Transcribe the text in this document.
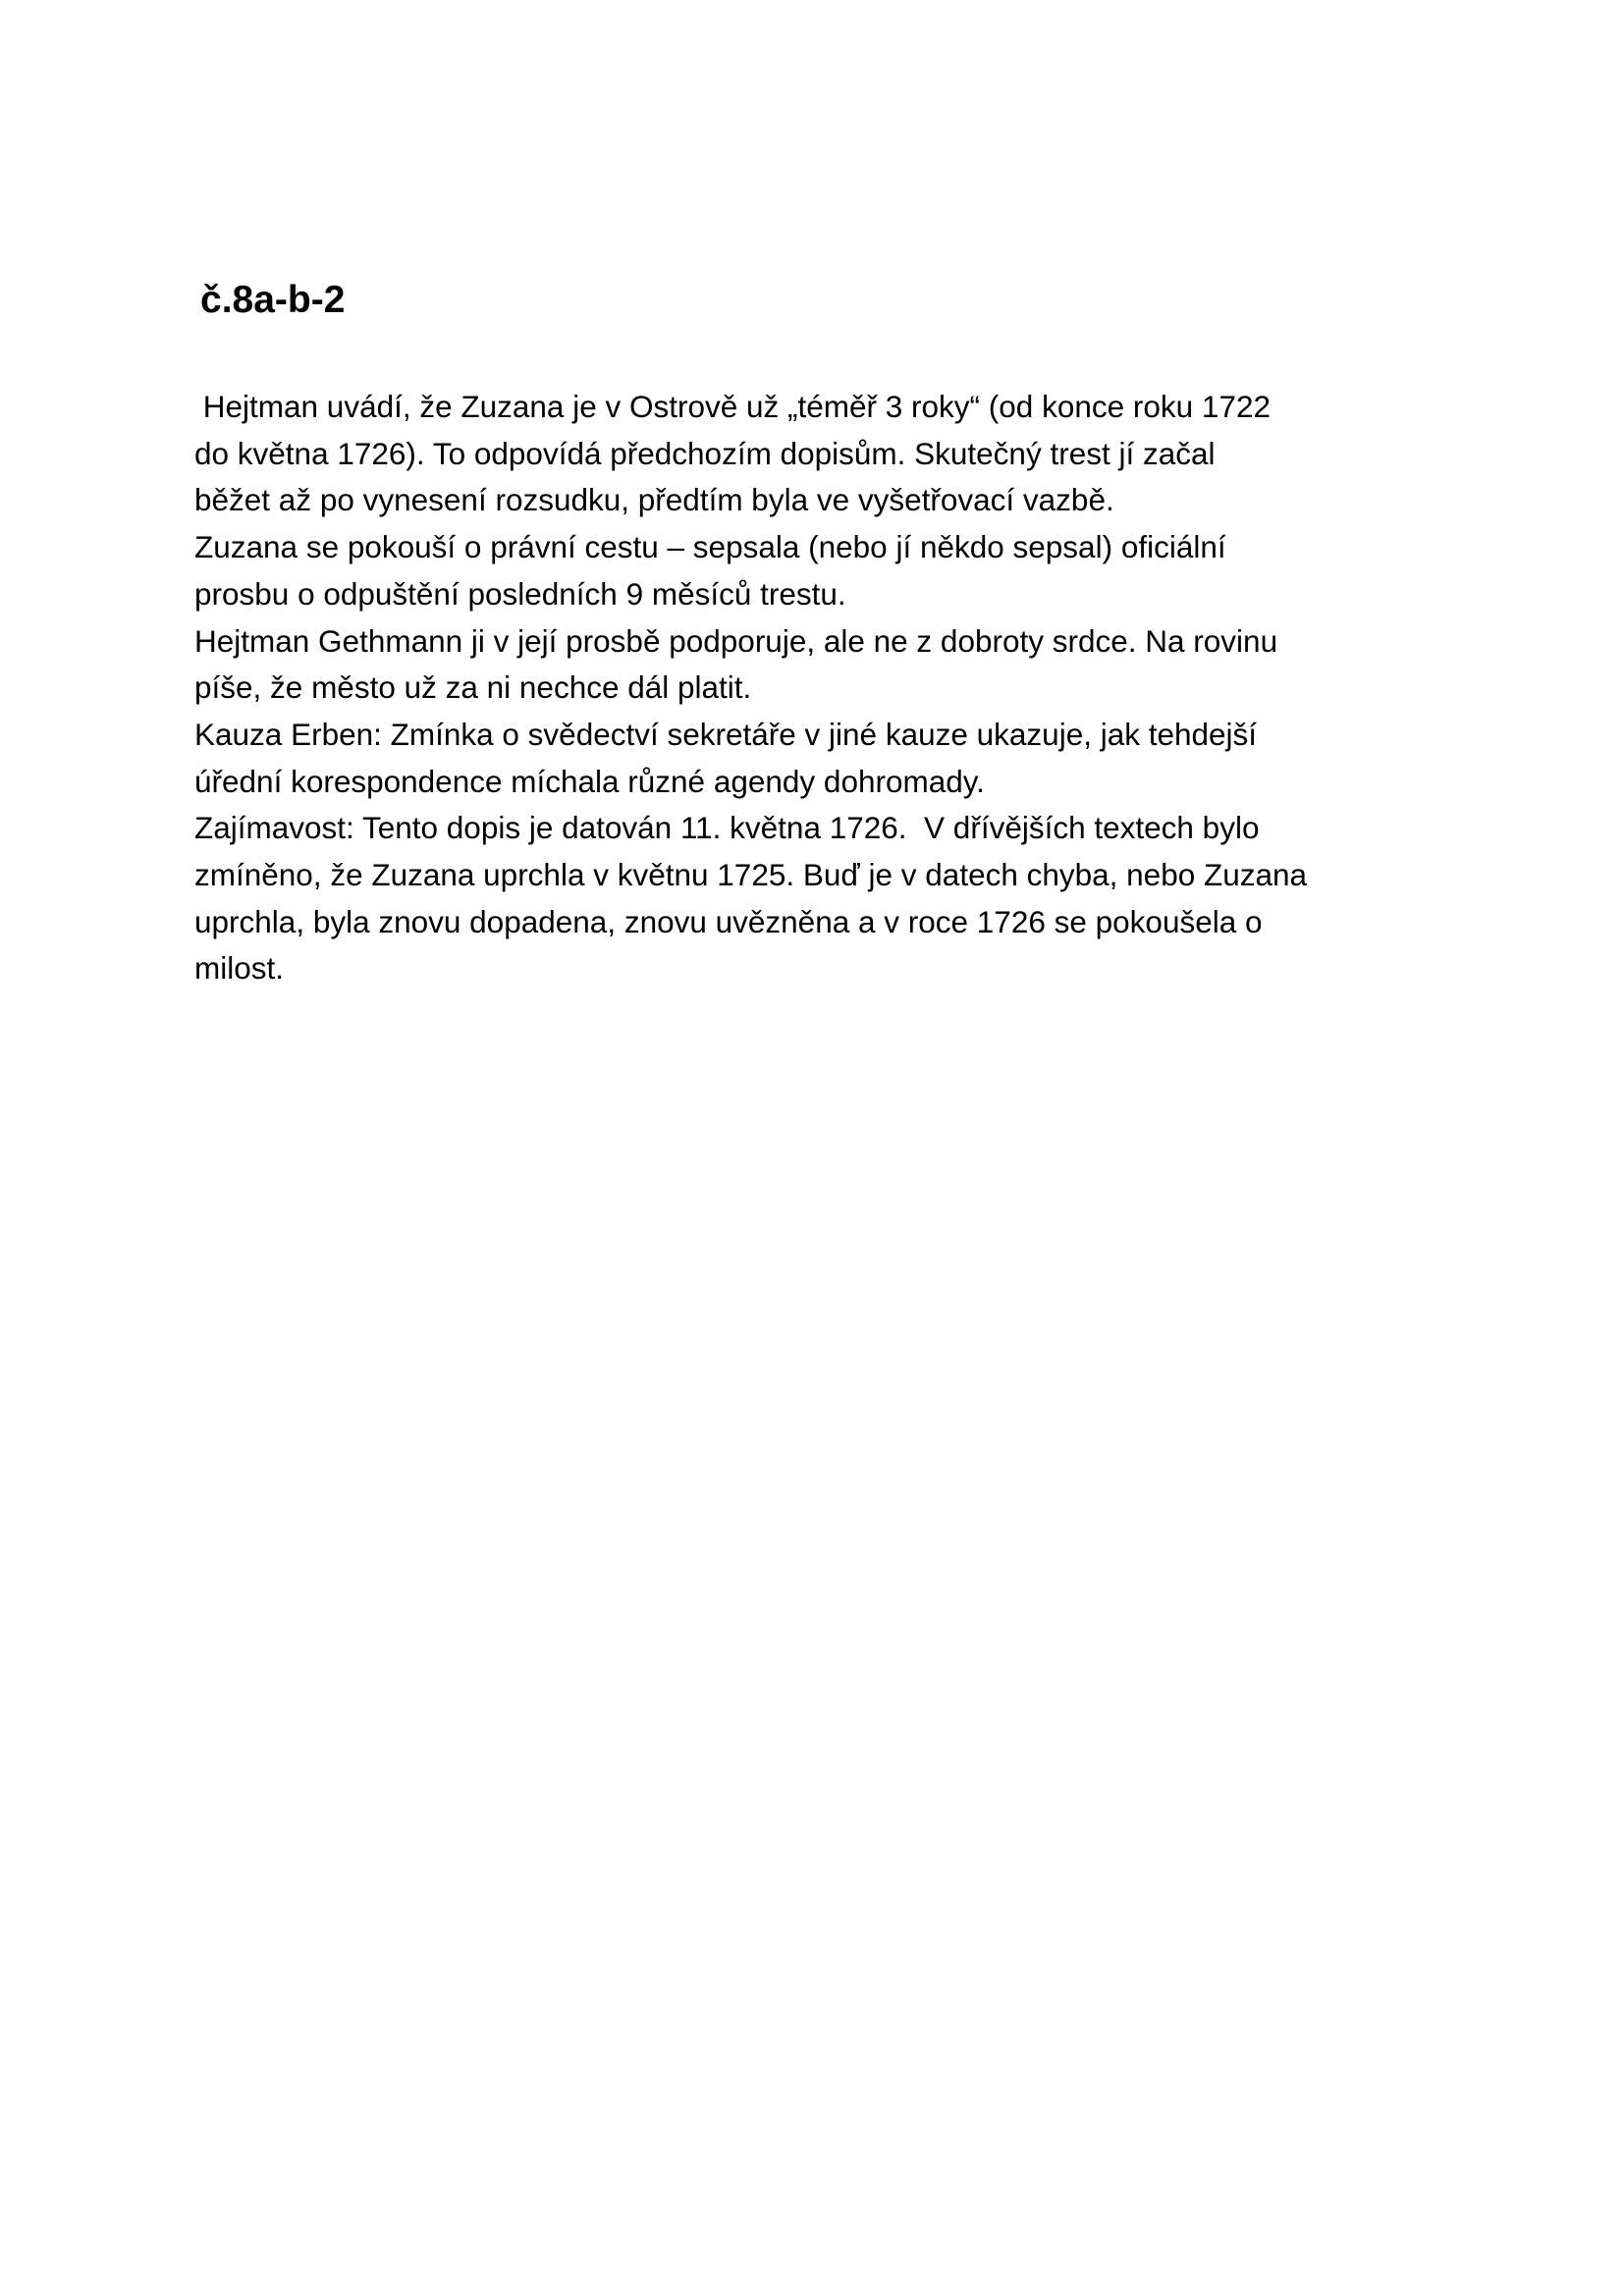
č.8a-b-2
Hejtman uvádí, že Zuzana je v Ostrově už „téměř 3 roky“ (od konce roku 1722
do května 1726). To odpovídá předchozím dopisům. Skutečný trest jí začal
běžet až po vynesení rozsudku, předtím byla ve vyšetřovací vazbě.
Zuzana se pokouší o právní cestu – sepsala (nebo jí někdo sepsal) oficiální
prosbu o odpuštění posledních 9 měsíců trestu.
Hejtman Gethmann ji v její prosbě podporuje, ale ne z dobroty srdce. Na rovinu
píše, že město už za ni nechce dál platit.
Kauza Erben: Zmínka o svědectví sekretáře v jiné kauze ukazuje, jak tehdejší
úřední korespondence míchala různé agendy dohromady.
Zajímavost: Tento dopis je datován 11. května 1726.  V dřívějších textech bylo
zmíněno, že Zuzana uprchla v květnu 1725. Buď je v datech chyba, nebo Zuzana
uprchla, byla znovu dopadena, znovu uvězněna a v roce 1726 se pokoušela o
milost.
